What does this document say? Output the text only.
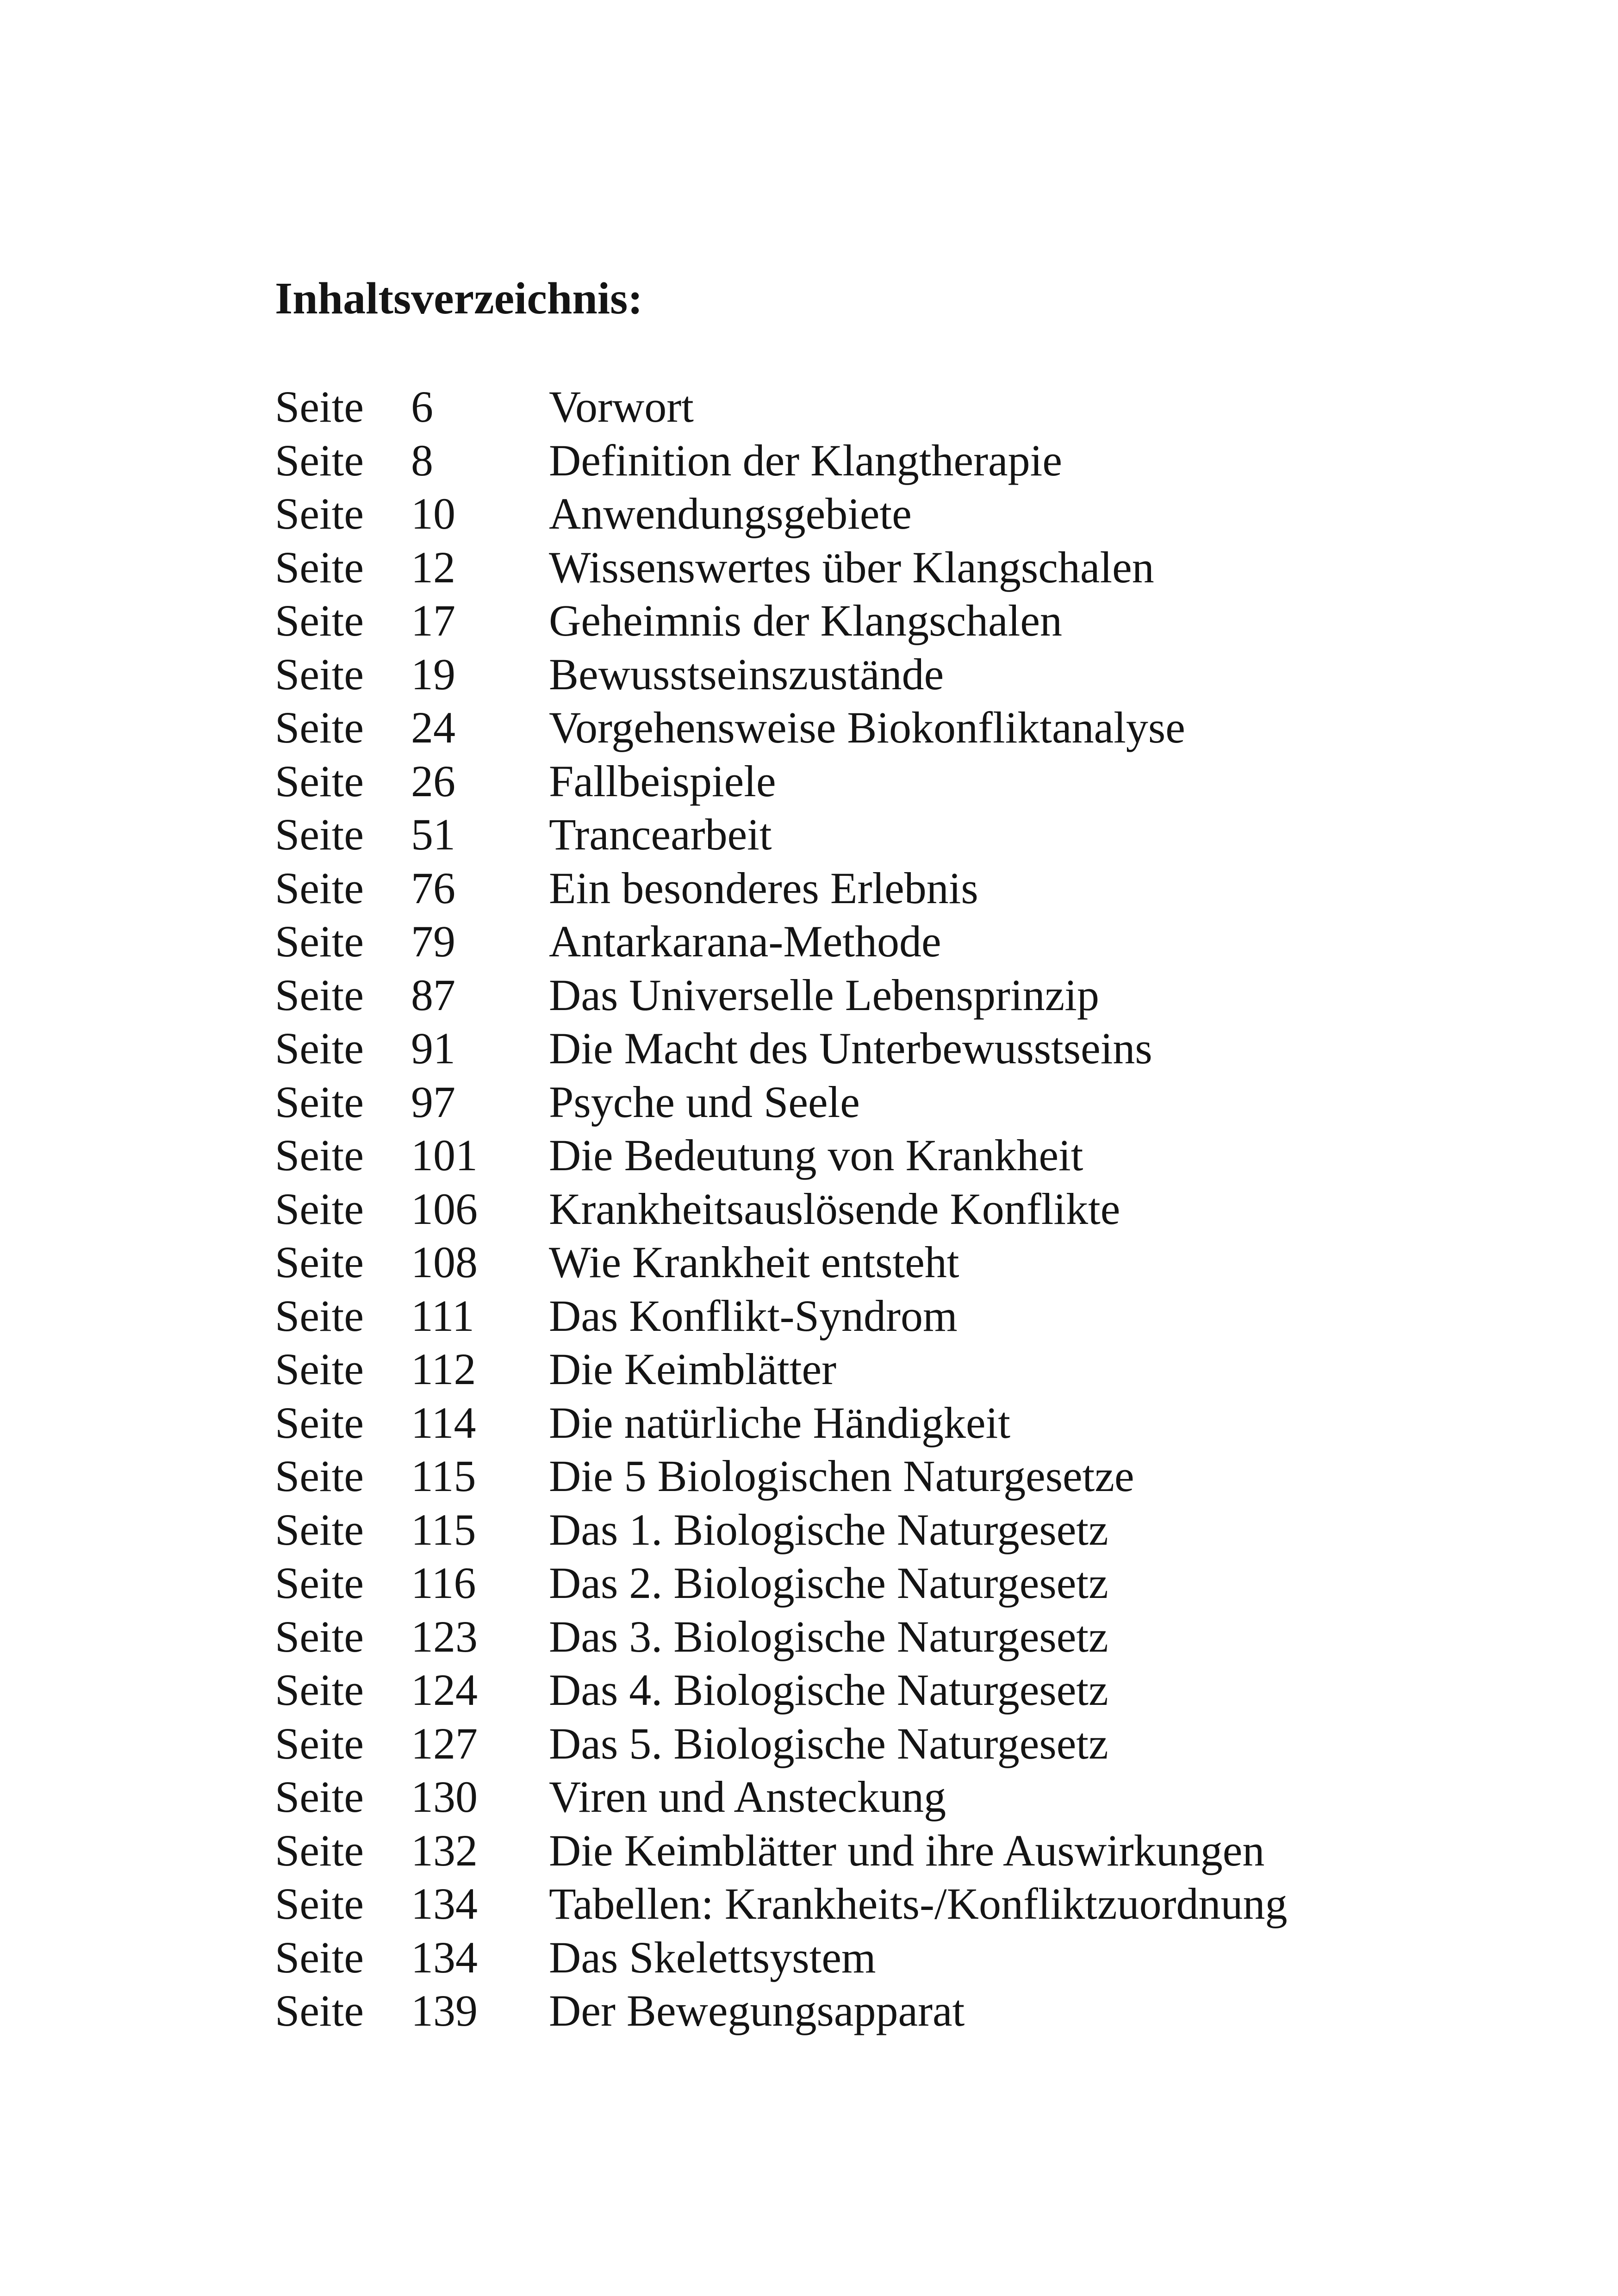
Inhaltsverzeichnis:
Seite 6	Vorwort
Seite 8	Definition der Klangtherapie
Seite 10 Anwendungsgebiete
Seite 12 Wissenswertes über Klangschalen
Seite 17 Geheimnis der Klangschalen
Seite 19 Bewusstseinszustände
Seite 24 Vorgehensweise Biokonfliktanalyse
Seite 26 Fallbeispiele
Seite 51 Trancearbeit
Seite 76 Ein besonderes Erlebnis
Seite 79 Antarkarana-Methode
Seite 87 Das Universelle Lebensprinzip
Seite 91 Die Macht des Unterbewusstseins
Seite 97 Psyche und Seele
Seite 101 Die Bedeutung von Krankheit
Seite 106 Krankheitsauslösende Konflikte
Seite 108 Wie Krankheit entsteht
Seite 111 Das Konflikt-Syndrom
Seite 112 Die Keimblätter
Seite 114 Die natürliche Händigkeit
Seite 115 Die 5 Biologischen Naturgesetze
Seite 115 Das 1. Biologische Naturgesetz
Seite 116 Das 2. Biologische Naturgesetz
Seite 123 Das 3. Biologische Naturgesetz
Seite 124 Das 4. Biologische Naturgesetz
Seite 127 Das 5. Biologische Naturgesetz
Seite 130 Viren und Ansteckung
Seite 132 Die Keimblätter und ihre Auswirkungen
Seite 134 Tabellen: Krankheits-/Konfliktzuordnung
Seite 134 Das Skelettsystem
Seite 139 Der Bewegungsapparat
